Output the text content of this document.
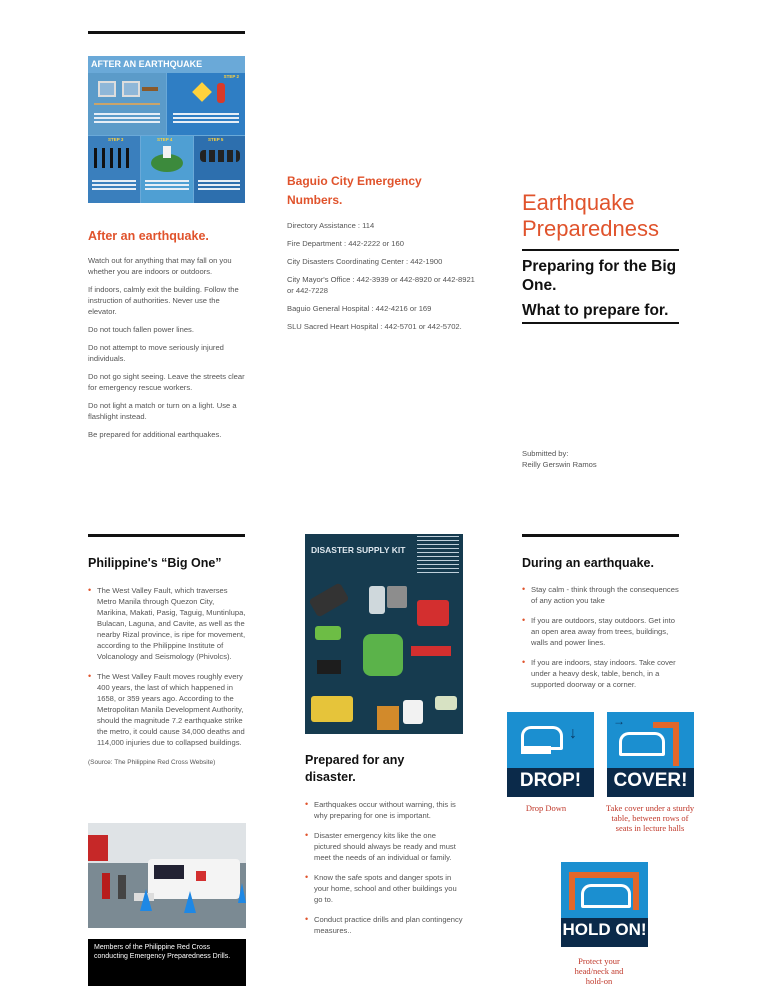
AFTER AN EARTHQUAKE
STEP 2
STEP 3	STEP 4	STEP 5
After an earthquake.

Watch out for anything that may fall on you whether you are indoors or outdoors.

If indoors, calmly exit the building. Follow the instruction of authorities. Never use the elevator.

Do not touch fallen power lines.

Do not attempt to move seriously injured individuals.

Do not go sight seeing. Leave the streets clear for emergency rescue workers.

Do not light a match or turn on a light. Use a flashlight instead.

Be prepared for additional earthquakes.

Baguio City Emergency Numbers.

Directory Assistance : 114

Fire Department : 442-2222 or 160

City Disasters Coordinating Center : 442-1900

City Mayor's Office : 442-3939 or 442-8920 or 442-8921 or 442-7228

Baguio General Hospital : 442-4216 or 169

SLU Sacred Heart Hospital : 442-5701 or 442-5702.

Earthquake
Preparedness
Preparing for the Big One.
What to prepare for.
Submitted by:
Reilly Gerswin Ramos
Philippine's “Big One”
• The West Valley Fault, which traverses Metro Manila through Quezon City, Marikina, Makati, Pasig, Taguig, Muntinlupa, Bulacan, Laguna, and Cavite, as well as the nearby Rizal province, is ripe for movement, according to the Philippine Institute of Volcanology and Seismology (Phivolcs).
• The West Valley Fault moves roughly every 400 years, the last of which happened in 1658, or 359 years ago. According to the Metropolitan Manila Development Authority, should the magnitude 7.2 earthquake strike the metro, it could cause 34,000 deaths and 114,000 injuries due to collapsed buildings.
(Source: The Philippine Red Cross Website)
Members of the Philippine Red Cross conducting Emergency Preparedness Drills.
DISASTER SUPPLY KIT
Prepared for any disaster.
• Earthquakes occur without warning, this is why preparing for one is important.
• Disaster emergency kits like the one pictured should always be ready and must meet the needs of an individual or family.
• Know the safe spots and danger spots in your home, school and other buildings you go to.
• Conduct practice drills and plan contingency measures..
During an earthquake.
• Stay calm - think through the consequences of any action you take
• If you are outdoors, stay outdoors. Get into an open area away from trees, buildings, walls and power lines.
• If you are indoors, stay indoors. Take cover under a heavy desk, table, bench, in a supported doorway or a corner.
↓
DROP!
Drop Down
→
COVER!
Take cover under a sturdy table, between rows of seats in lecture halls
HOLD ON!
Protect your head/neck and hold-on
